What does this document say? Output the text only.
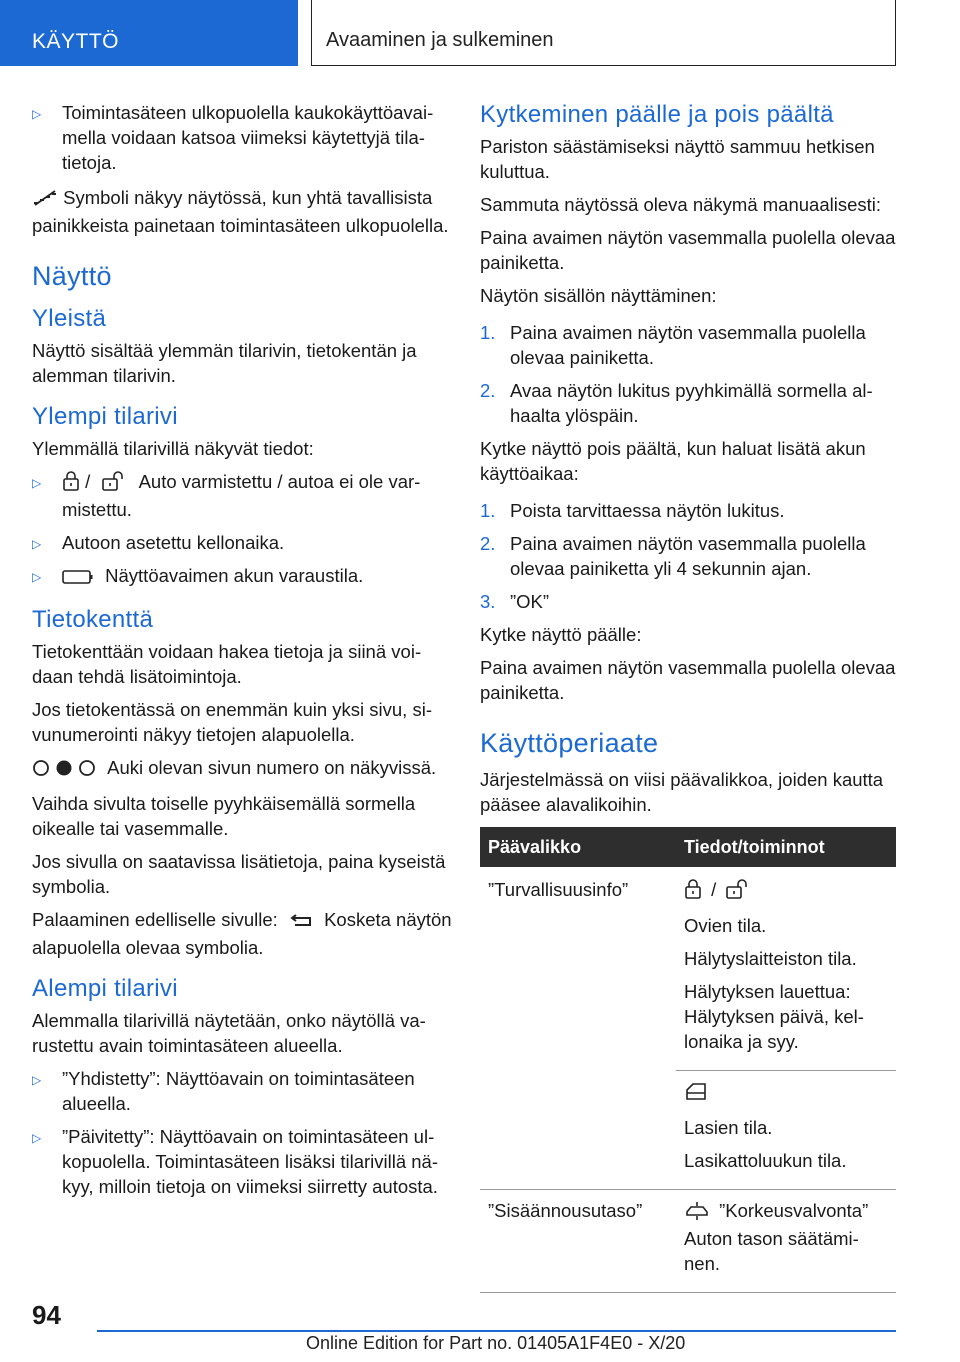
KÄYTTÖ	Avaaminen ja sulkeminen
▷ Toimintasäteen ulkopuolella kaukokäyttöavaimella voidaan katsoa viimeksi käytettyjä tilatietoja.

Symboli näkyy näytössä, kun yhtä tavallisista painikkeista painetaan toimintasäteen ulkopuolella.

Näyttö
Yleistä

Näyttö sisältää ylemmän tilarivin, tietokentän ja alemman tilarivin.

Ylempi tilarivi

Ylemmällä tilarivillä näkyvät tiedot:

▷ /	Auto varmistettu / autoa ei ole varmistettu.
▷ Autoon asetettu kellonaika.
▷	Näyttöavaimen akun varaustila.
Tietokenttä

Tietokenttään voidaan hakea tietoja ja siinä voidaan tehdä lisätoimintoja.

Jos tietokentässä on enemmän kuin yksi sivu, sivunumerointi näkyy tietojen alapuolella.

Auki olevan sivun numero on näkyvissä.

Vaihda sivulta toiselle pyyhkäisemällä sormella oikealle tai vasemmalle.

Jos sivulla on saatavissa lisätietoja, paina kyseistä symbolia.

Palaaminen edelliselle sivulle:	Kosketa näytön alapuolella olevaa symbolia.

Alempi tilarivi

Alemmalla tilarivillä näytetään, onko näytöllä varustettu avain toimintasäteen alueella.

▷ ”Yhdistetty”: Näyttöavain on toimintasäteen alueella.
▷ ”Päivitetty”: Näyttöavain on toimintasäteen ulkopuolella. Toimintasäteen lisäksi tilarivillä näkyy, milloin tietoja on viimeksi siirretty autosta.
Kytkeminen päälle ja pois päältä

Pariston säästämiseksi näyttö sammuu hetkisen kuluttua.

Sammuta näytössä oleva näkymä manuaalisesti:

Paina avaimen näytön vasemmalla puolella olevaa painiketta.

Näytön sisällön näyttäminen:

1. Paina avaimen näytön vasemmalla puolella olevaa painiketta.
2. Avaa näytön lukitus pyyhkimällä sormella alhaalta ylöspäin.

Kytke näyttö pois päältä, kun haluat lisätä akun käyttöaikaa:

1. Poista tarvittaessa näytön lukitus.
2. Paina avaimen näytön vasemmalla puolella olevaa painiketta yli 4 sekunnin ajan.
3. ”OK”

Kytke näyttö päälle:

Paina avaimen näytön vasemmalla puolella olevaa painiketta.

Käyttöperiaate

Järjestelmässä on viisi päävalikkoa, joiden kautta pääsee alavalikoihin.

Päävalikko	Tiedot/toiminnot
”Turvallisuusinfo”	/

Ovien tila.

Hälytyslaitteiston tila.

Hälytyksen lauettua: Hälytyksen päivä, kellonaika ja syy.

	Lasien tila.

Lasikattoluukun tila.

”Sisäännousutaso”	”Korkeusvalvonta” Auton tason säätäminen.

94
Online Edition for Part no. 01405A1F4E0 - X/20
